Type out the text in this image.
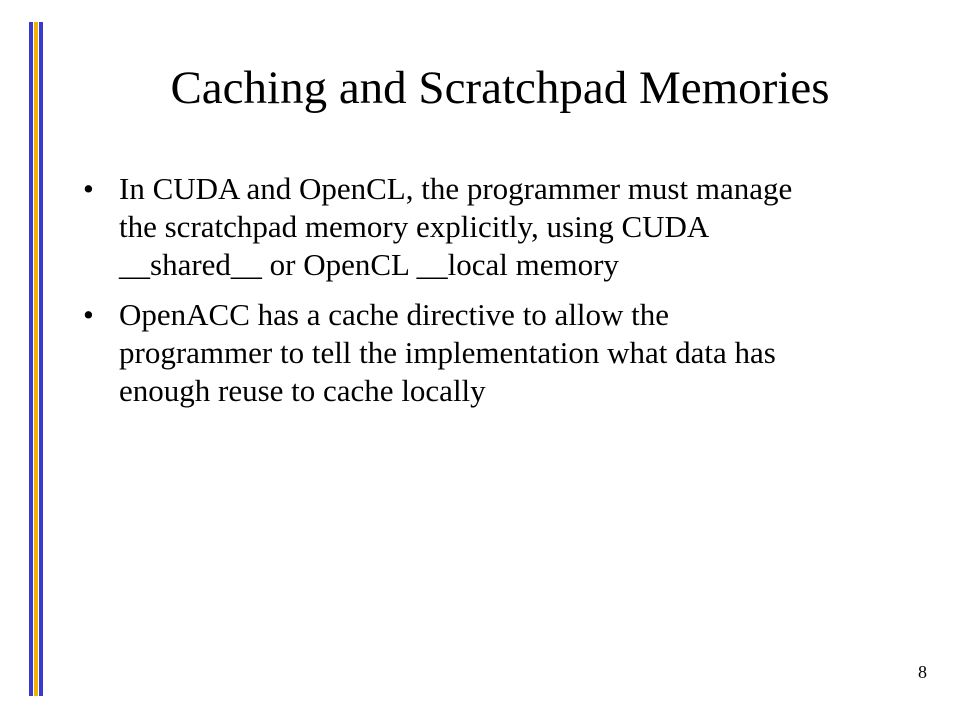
Caching and Scratchpad Memories
• In CUDA and OpenCL, the programmer must manage
the scratchpad memory explicitly, using CUDA
__shared__ or OpenCL __local memory
• OpenACC has a cache directive to allow the
programmer to tell the implementation what data has
enough reuse to cache locally
8
